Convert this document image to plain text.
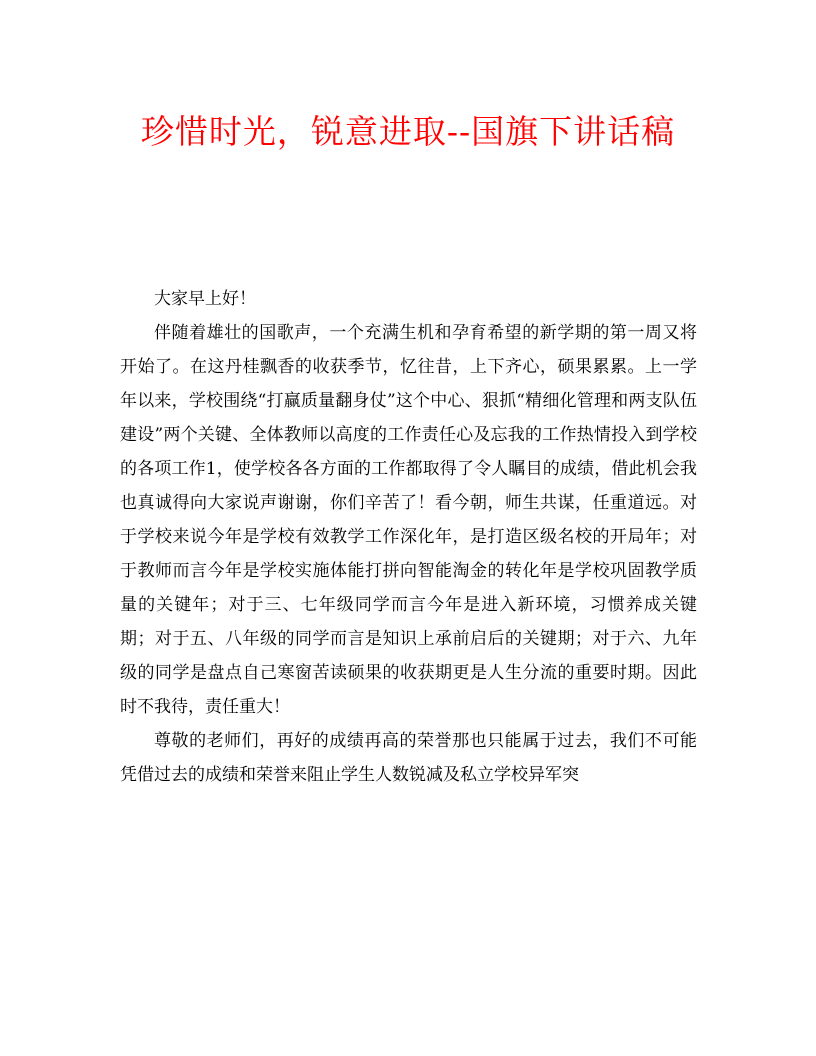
珍惜时光，锐意进取--国旗下讲话稿

大家早上好！

伴随着雄壮的国歌声，一个充满生机和孕育希望的新学期的第一周又将开始了。在这丹桂飘香的收获季节，忆往昔，上下齐心，硕果累累。上一学年以来，学校围绕“打赢质量翻身仗”这个中心、狠抓“精细化管理和两支队伍建设”两个关键、全体教师以高度的工作责任心及忘我的工作热情投入到学校的各项工作1，使学校各各方面的工作都取得了令人瞩目的成绩，借此机会我也真诚得向大家说声谢谢，你们辛苦了！看今朝，师生共谋，任重道远。对于学校来说今年是学校有效教学工作深化年，是打造区级名校的开局年；对于教师而言今年是学校实施体能打拼向智能淘金的转化年是学校巩固教学质量的关键年；对于三、七年级同学而言今年是进入新环境，习惯养成关键期；对于五、八年级的同学而言是知识上承前启后的关键期；对于六、九年级的同学是盘点自己寒窗苦读硕果的收获期更是人生分流的重要时期。因此时不我待，责任重大！

尊敬的老师们，再好的成绩再高的荣誉那也只能属于过去，我们不可能凭借过去的成绩和荣誉来阻止学生人数锐减及私立学校异军突
